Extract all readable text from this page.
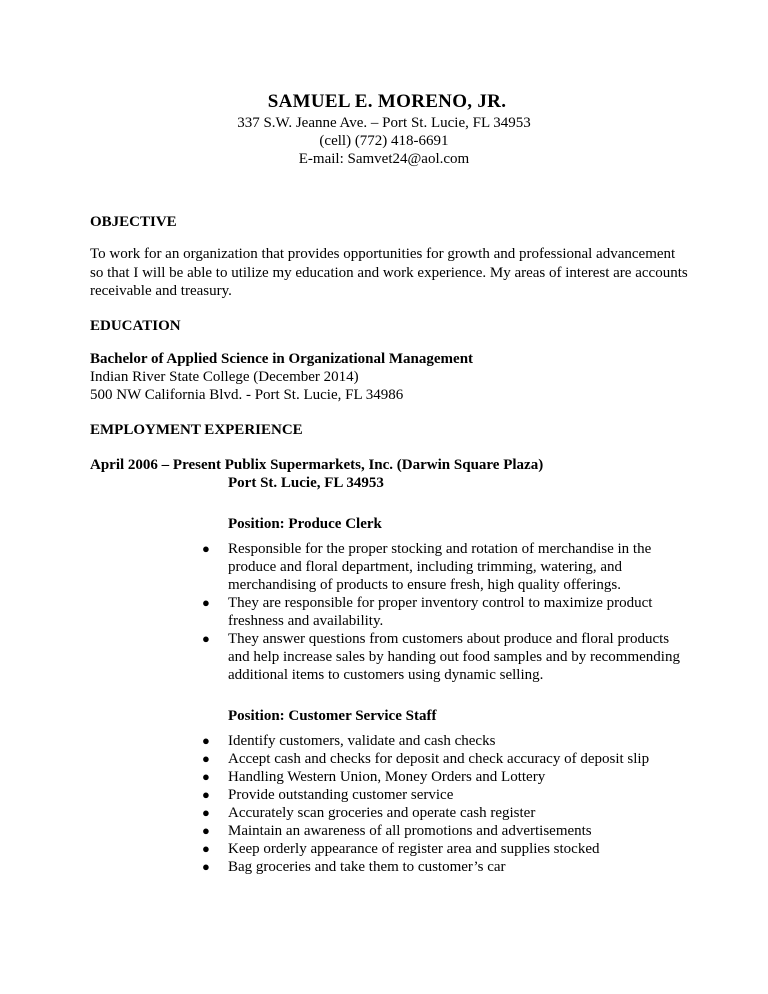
SAMUEL E. MORENO, JR.
337 S.W. Jeanne Ave. – Port St. Lucie, FL 34953
(cell) (772) 418-6691
E-mail: Samvet24@aol.com
OBJECTIVE
To work for an organization that provides opportunities for growth and professional advancement so that I will be able to utilize my education and work experience. My areas of interest are accounts receivable and treasury.
EDUCATION
Bachelor of Applied Science in Organizational Management
Indian River State College (December 2014)
500 NW California Blvd. - Port St. Lucie, FL 34986
EMPLOYMENT EXPERIENCE
April 2006 – Present Publix Supermarkets, Inc. (Darwin Square Plaza)
Port St. Lucie, FL 34953
Position: Produce Clerk
● Responsible for the proper stocking and rotation of merchandise in the produce and floral department, including trimming, watering, and merchandising of products to ensure fresh, high quality offerings.
● They are responsible for proper inventory control to maximize product freshness and availability.
● They answer questions from customers about produce and floral products and help increase sales by handing out food samples and by recommending additional items to customers using dynamic selling.
Position: Customer Service Staff
● Identify customers, validate and cash checks
● Accept cash and checks for deposit and check accuracy of deposit slip
● Handling Western Union, Money Orders and Lottery
● Provide outstanding customer service
● Accurately scan groceries and operate cash register
● Maintain an awareness of all promotions and advertisements
● Keep orderly appearance of register area and supplies stocked
● Bag groceries and take them to customer’s car
